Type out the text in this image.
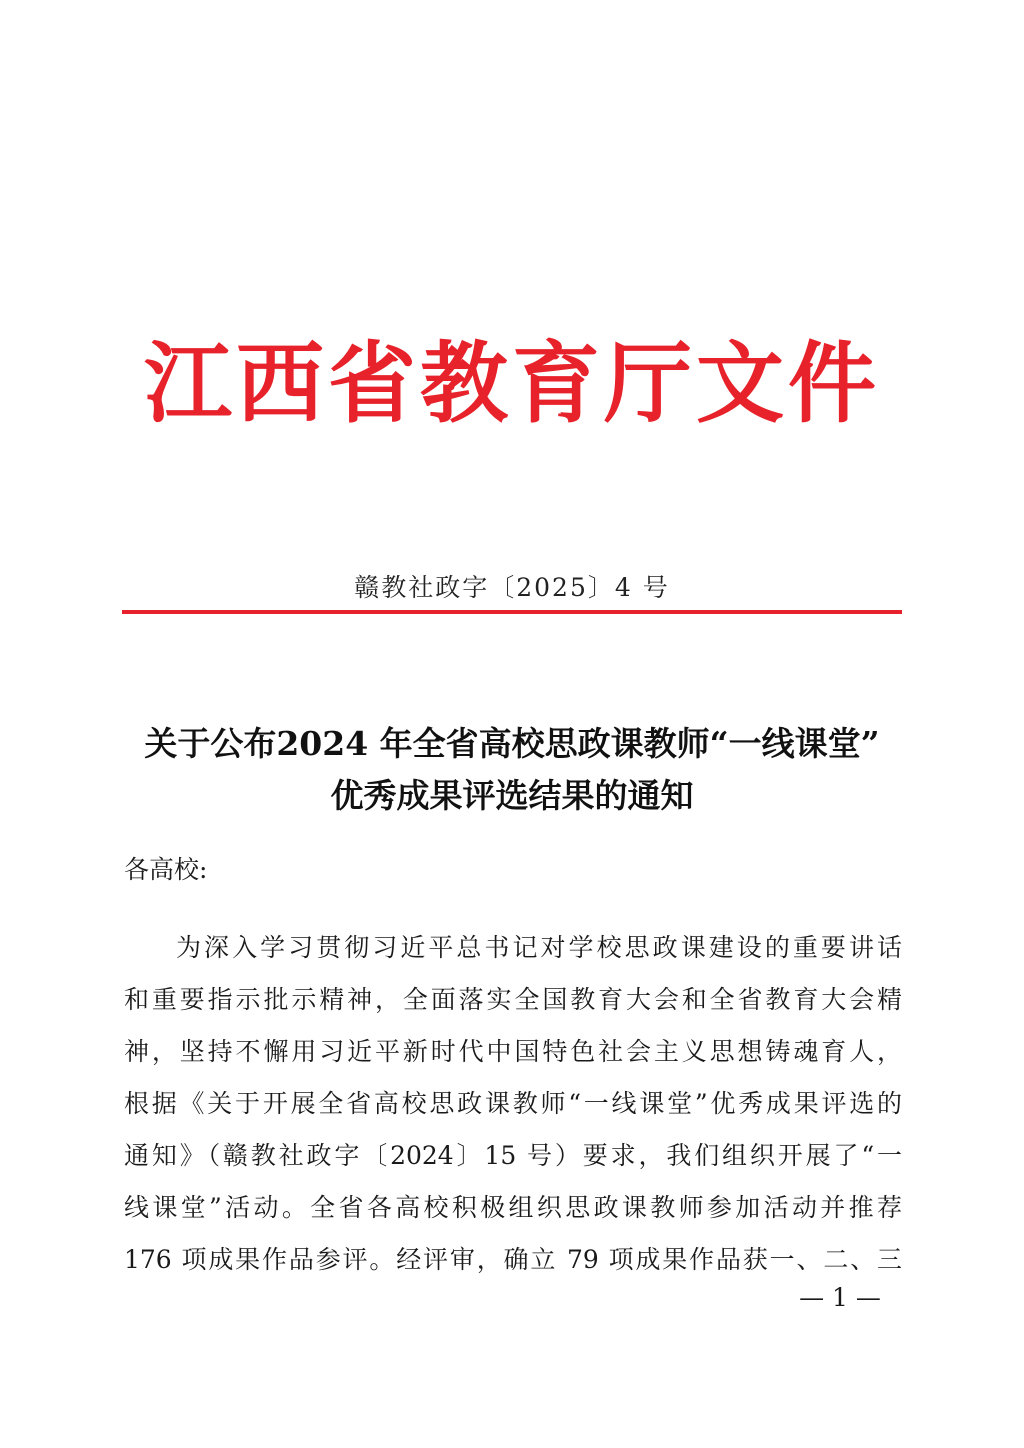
江西省教育厅文件
赣教社政字〔2025〕4 号
关于公布2024 年全省高校思政课教师“一线课堂”
优秀成果评选结果的通知
各高校:
为深入学习贯彻习近平总书记对学校思政课建设的重要讲话
和重要指示批示精神，全面落实全国教育大会和全省教育大会精
神，坚持不懈用习近平新时代中国特色社会主义思想铸魂育人，
根据《关于开展全省高校思政课教师“一线课堂”优秀成果评选的
通知》（赣教社政字〔2024〕15 号）要求，我们组织开展了“一
线课堂”活动。全省各高校积极组织思政课教师参加活动并推荐
176 项成果作品参评。经评审，确立 79 项成果作品获一、二、三
— 1 —
